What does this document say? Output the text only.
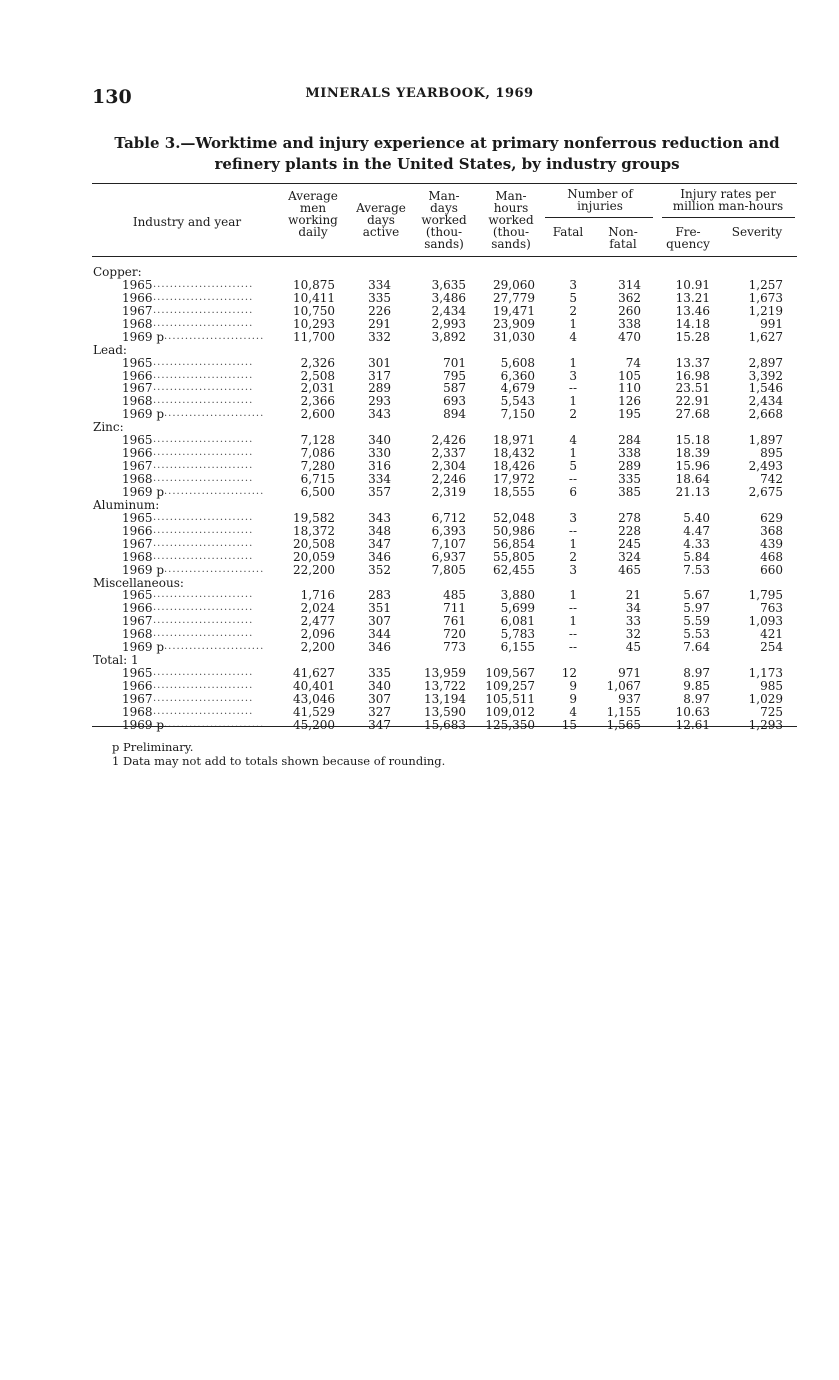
130	MINERALS YEARBOOK, 1969
Table 3.—Worktime and injury experience at primary nonferrous reduction and
refinery plants in the United States, by industry groups
Industry and year
Average
men
working
daily
Average
days
active
Man-
days
worked
(thou-
sands)
Man-
hours
worked
(thou-
sands)
Number of
injuries
Fatal	Non-
fatal
Injury rates per
million man-hours
Fre-
quency
Severity
Copper:
1965	10,875	334	3,635 29,060	3	314	10.91	1,257
........................
1966	10,411	335	3,486 27,779	5	362	13.21	1,673
........................
1967	10,750	226	2,434 19,471	2	260	13.46	1,219
........................
1968	10,293	291	2,993 23,909	1	338	14.18	991
........................
1969 p	11,700	332	3,892 31,030	4	470	15.28	1,627
........................
Lead:
1965	2,326	301	701	5,608	1	74	13.37	2,897
........................
1966	2,508	317	795	6,360	3	105	16.98	3,392
........................
1967	2,031	289	587	4,679	--	110	23.51	1,546
........................
1968	2,366	293	693	5,543	1	126	22.91	2,434
........................
1969 p	2,600	343	894	7,150	2	195	27.68	2,668
........................
Zinc:
1965	7,128	340	2,426 18,971	4	284	15.18	1,897
........................
1966	7,086	330	2,337 18,432	1	338	18.39	895
........................
1967	7,280	316	2,304 18,426	5	289	15.96	2,493
........................
1968	6,715	334	2,246 17,972	--	335	18.64	742
........................
1969 p	6,500	357	2,319 18,555	6	385	21.13	2,675
........................
Aluminum:
1965	19,582	343	6,712 52,048	3	278	5.40	629
........................
1966	18,372	348	6,393 50,986	--	228	4.47	368
........................
1967	20,508	347	7,107 56,854	1	245	4.33	439
........................
1968	20,059	346	6,937 55,805	2	324	5.84	468
........................
1969 p	22,200	352	7,805 62,455	3	465	7.53	660
........................
Miscellaneous:
1965	1,716	283	485	3,880	1	21	5.67	1,795
........................
1966	2,024	351	711	5,699	--	34	5.97	763
........................
1967	2,477	307	761	6,081	1	33	5.59	1,093
........................
1968	2,096	344	720	5,783	--	32	5.53	421
........................
1969 p	2,200	346	773	6,155	--	45	7.64	254
........................
Total: 1
1965	41,627	335	13,959 109,567 12	971	8.97	1,173
........................
1966	40,401	340	13,722 109,257	9 1,067	9.85	985
........................
1967	43,046	307	13,194 105,511	9	937	8.97	1,029
........................
1968	41,529	327	13,590 109,012	4 1,155	10.63	725
........................
1969 p	45,200	347	15,683 125,350 15 1,565	12.61	1,293
........................
p Preliminary.
1 Data may not add to totals shown because of rounding.
